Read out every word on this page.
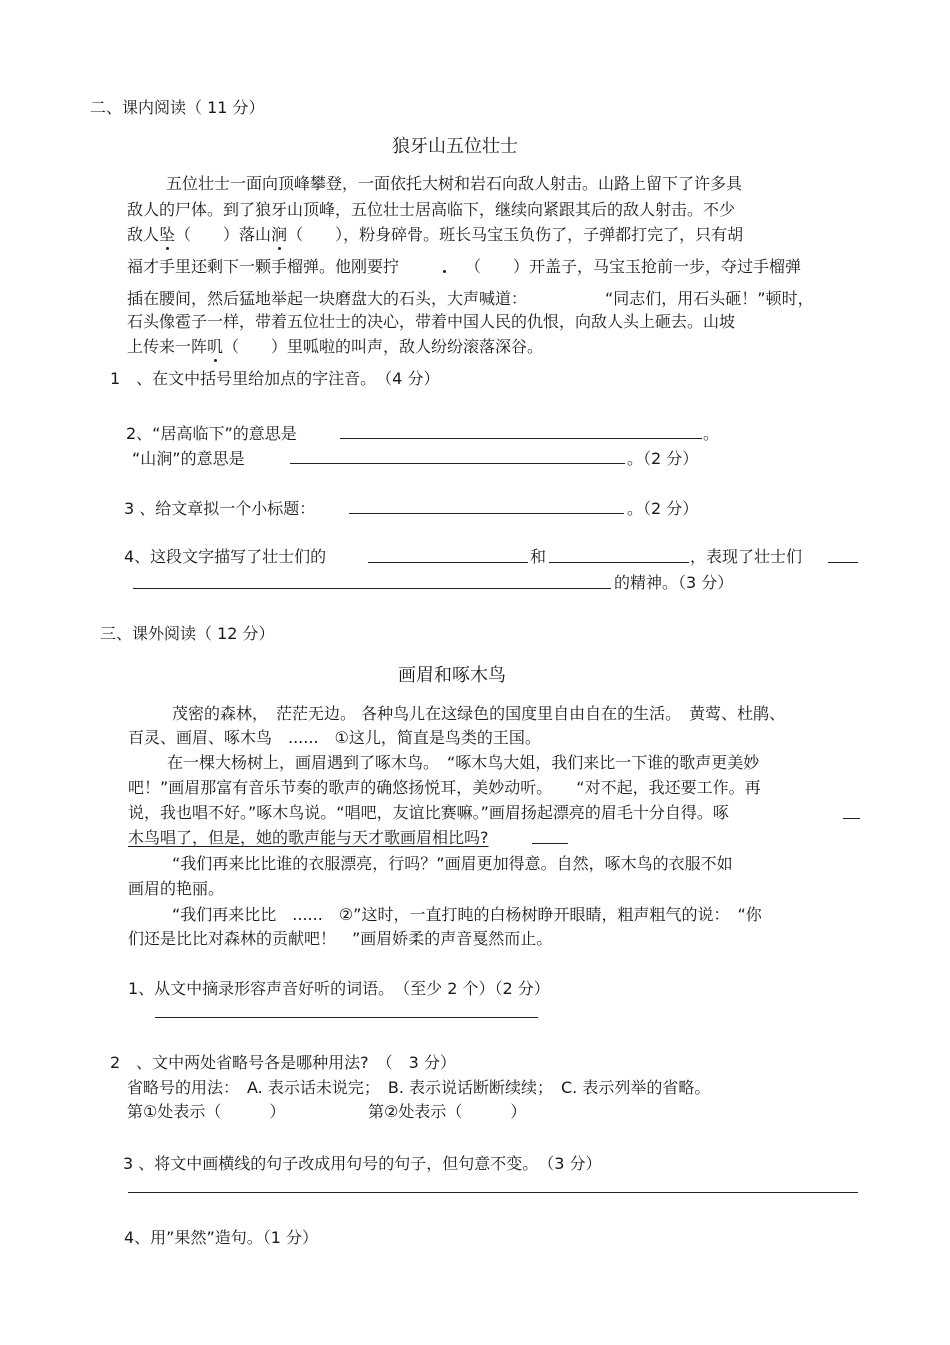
二、课内阅读（ 11 分）
狼牙山五位壮士
五位壮士一面向顶峰攀登，一面依托大树和岩石向敌人射击。山路上留下了许多具
敌人的尸体。到了狼牙山顶峰，五位壮士居高临下，继续向紧跟其后的敌人射击。不少
敌人坠（　　）落山涧（　　），粉身碎骨。班长马宝玉负伤了，子弹都打完了，只有胡
福才手里还剩下一颗手榴弹。他刚要拧	（　　）开盖子，马宝玉抢前一步，夺过手榴弹
插在腰间，然后猛地举起一块磨盘大的石头，大声喊道：	“同志们，用石头砸！”顿时，
石头像雹子一样，带着五位壮士的决心，带着中国人民的仇恨，向敌人头上砸去。山坡
上传来一阵叽（　　）里呱啦的叫声，敌人纷纷滚落深谷。
1　、在文中括号里给加点的字注音。　（4 分）
2、“居高临下”的意思是	。
“山涧”的意思是	。（2 分）
3 、给文章拟一个小标题：	。（2 分）
4、这段文字描写了壮士们的	和	，表现了壮士们
的精神。（3 分）
三、课外阅读（ 12 分）
画眉和啄木鸟
茂密的森林，　茫茫无边。 各种鸟儿在这绿色的国度里自由自在的生活。　黄莺、杜鹃、
百灵、画眉、啄木鸟　......　①这儿，简直是鸟类的王国。
在一棵大杨树上，画眉遇到了啄木鸟。　“啄木鸟大姐，我们来比一下谁的歌声更美妙
吧！”画眉那富有音乐节奏的歌声的确悠扬悦耳，美妙动听。　　“对不起，我还要工作。再
说，我也唱不好。”啄木鸟说。“唱吧，友谊比赛嘛。”画眉扬起漂亮的眉毛十分自得。啄
木鸟唱了，但是，她的歌声能与天才歌画眉相比吗?
“我们再来比比谁的衣服漂亮，行吗？”画眉更加得意。自然，啄木鸟的衣服不如
画眉的艳丽。
“我们再来比比　......　②”这时，一直打盹的白杨树睁开眼睛，粗声粗气的说：　“你
们还是比比对森林的贡献吧！　”画眉娇柔的声音戛然而止。
1、从文中摘录形容声音好听的词语。　（至少 2 个）（2 分）
2　、文中两处省略号各是哪种用法?　（　3 分）
省略号的用法：　A. 表示话未说完；　B. 表示说话断断续续；　C. 表示列举的省略。
第①处表示（　　　）	第②处表示（　　　）
3 、将文中画横线的句子改成用句号的句子，但句意不变。　（3 分）
4、用”果然”造句。（1 分）
